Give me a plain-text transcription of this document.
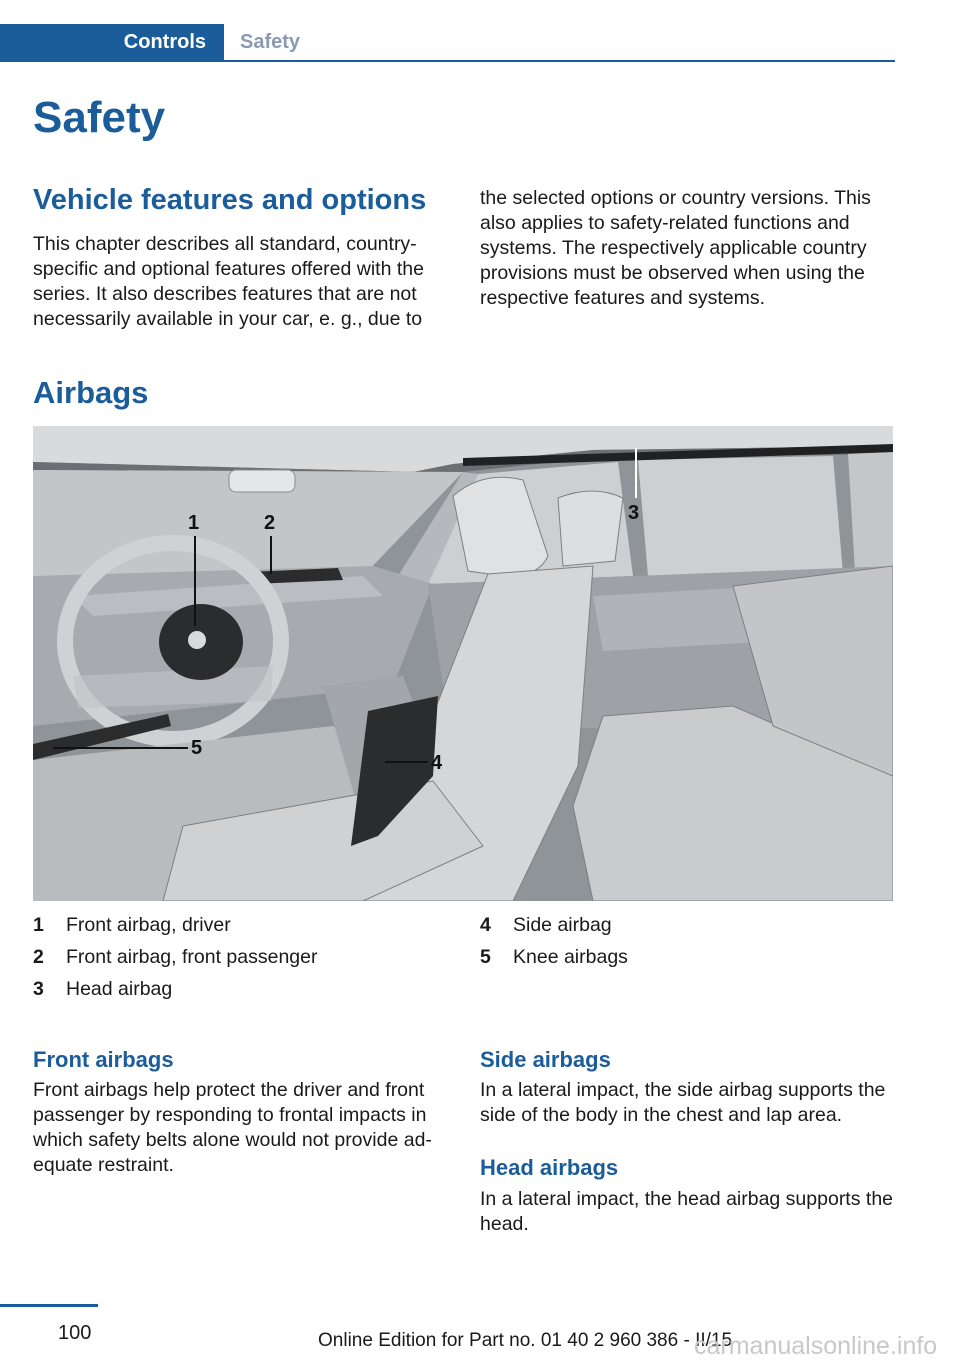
Controls Safety
Safety
Vehicle features and options

This chapter describes all standard, country-specific and optional features offered with the series. It also describes features that are not necessarily available in your car, e. g., due to

the selected options or country versions. This also applies to safety-related functions and systems. The respectively applicable country provisions must be observed when using the respective features and systems.

Airbags
1	2	3
4
5
1 Front airbag, driver
2 Front airbag, front passenger
3 Head airbag
4 Side airbag
5 Knee airbags
Front airbags

Front airbags help protect the driver and front passenger by responding to frontal impacts in which safety belts alone would not provide ad‐equate restraint.

Side airbags

In a lateral impact, the side airbag supports the side of the body in the chest and lap area.

Head airbags

In a lateral impact, the head airbag supports the head.

100	Online Edition for Part no. 01 40 2 960 386 - II/15
carmanualsonline.info
